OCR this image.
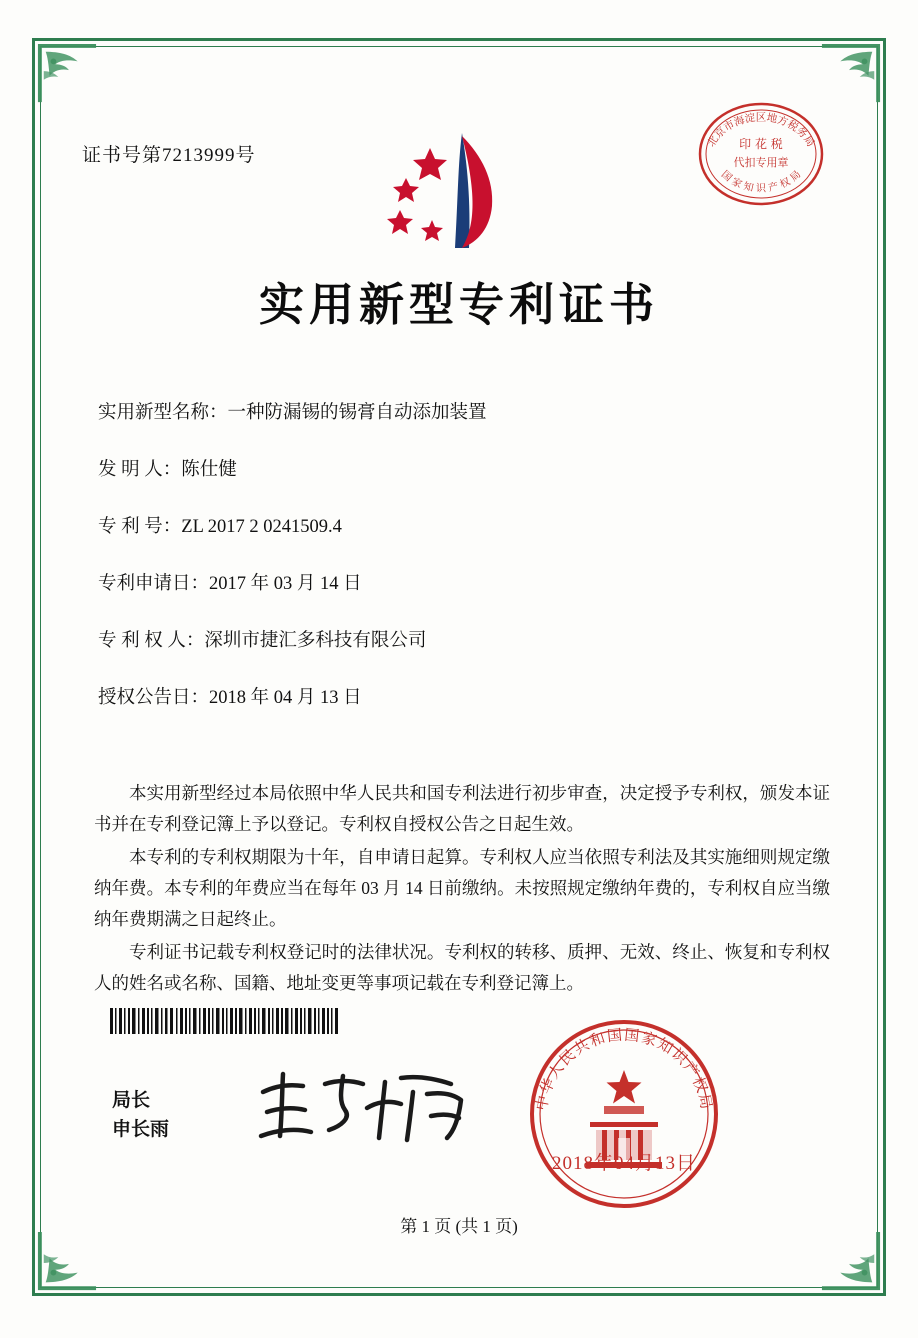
证书号第7213999号
印 花 税
代扣专用章
北京市海淀区地方税务局
国 家 知 识 产 权 局
实用新型专利证书
实用新型名称：一种防漏锡的锡膏自动添加装置
发 明 人：陈仕健
专 利 号：ZL 2017 2 0241509.4
专利申请日：2017 年 03 月 14 日
专 利 权 人：深圳市捷汇多科技有限公司
授权公告日：2018 年 04 月 13 日

本实用新型经过本局依照中华人民共和国专利法进行初步审查，决定授予专利权，颁发本证书并在专利登记簿上予以登记。专利权自授权公告之日起生效。

本专利的专利权期限为十年，自申请日起算。专利权人应当依照专利法及其实施细则规定缴纳年费。本专利的年费应当在每年 03 月 14 日前缴纳。未按照规定缴纳年费的，专利权自应当缴纳年费期满之日起终止。

专利证书记载专利权登记时的法律状况。专利权的转移、质押、无效、终止、恢复和专利权人的姓名或名称、国籍、地址变更等事项记载在专利登记簿上。

局长
申长雨
中华人民共和国国家知识产权局
2018年04月13日
第 1 页 (共 1 页)
